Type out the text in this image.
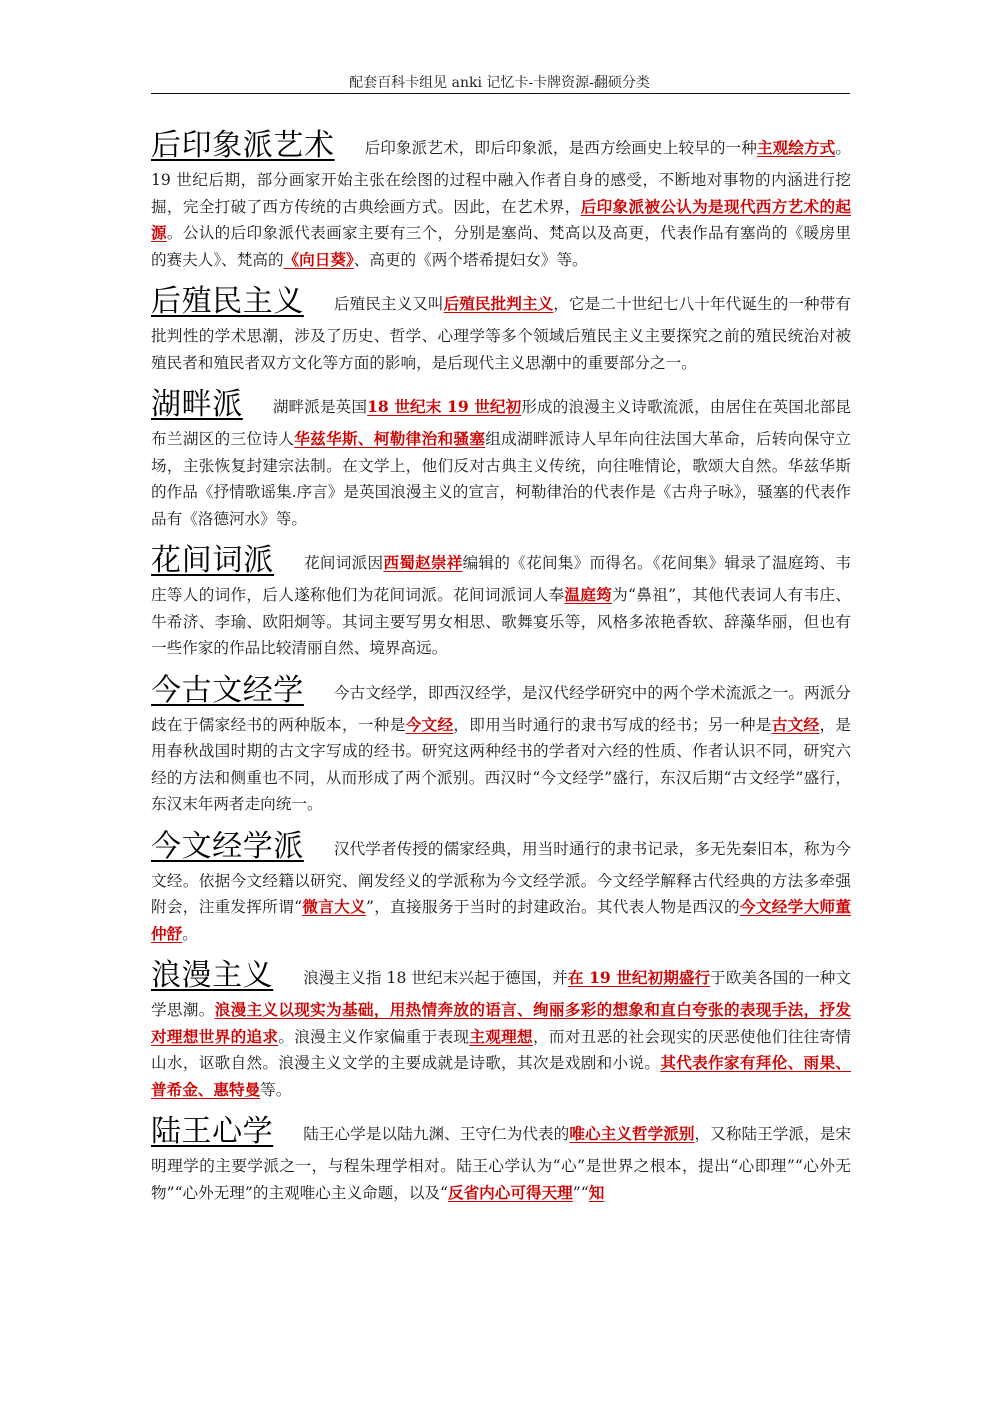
配套百科卡组见 anki 记忆卡-卡牌资源-翻硕分类

后印象派艺术 后印象派艺术，即后印象派，是西方绘画史上较早的一种主观绘方式。19 世纪后期，部分画家开始主张在绘图的过程中融入作者自身的感受，不断地对事物的内涵进行挖掘，完全打破了西方传统的古典绘画方式。因此，在艺术界，后印象派被公认为是现代西方艺术的起源。公认的后印象派代表画家主要有三个，分别是塞尚、梵高以及高更，代表作品有塞尚的《暖房里的赛夫人》、梵高的《向日葵》、高更的《两个塔希提妇女》等。

后殖民主义 后殖民主义又叫后殖民批判主义，它是二十世纪七八十年代诞生的一种带有批判性的学术思潮，涉及了历史、哲学、心理学等多个领域后殖民主义主要探究之前的殖民统治对被殖民者和殖民者双方文化等方面的影响，是后现代主义思潮中的重要部分之一。

湖畔派 湖畔派是英国18 世纪末 19 世纪初形成的浪漫主义诗歌流派，由居住在英国北部昆布兰湖区的三位诗人华兹华斯、柯勒律治和骚塞组成湖畔派诗人早年向往法国大革命，后转向保守立场，主张恢复封建宗法制。在文学上，他们反对古典主义传统，向往唯情论，歌颂大自然。华兹华斯的作品《抒情歌谣集.序言》是英国浪漫主义的宣言，柯勒律治的代表作是《古舟子咏》，骚塞的代表作品有《洛德河水》等。

花间词派 花间词派因西蜀赵崇祥编辑的《花间集》而得名。《花间集》辑录了温庭筠、韦庄等人的词作，后人遂称他们为花间词派。花间词派词人奉温庭筠为“鼻祖”，其他代表词人有韦庄、牛希济、李瑜、欧阳炯等。其词主要写男女相思、歌舞宴乐等，风格多浓艳香软、辞藻华丽，但也有一些作家的作品比较清丽自然、境界高远。

今古文经学 今古文经学，即西汉经学，是汉代经学研究中的两个学术流派之一。两派分歧在于儒家经书的两种版本，一种是今文经，即用当时通行的隶书写成的经书；另一种是古文经，是用春秋战国时期的古文字写成的经书。研究这两种经书的学者对六经的性质、作者认识不同，研究六经的方法和侧重也不同，从而形成了两个派别。西汉时“今文经学”盛行，东汉后期“古文经学”盛行，东汉末年两者走向统一。

今文经学派 汉代学者传授的儒家经典，用当时通行的隶书记录，多无先秦旧本，称为今文经。依据今文经籍以研究、阐发经义的学派称为今文经学派。今文经学解释古代经典的方法多牵强附会，注重发挥所谓“微言大义”，直接服务于当时的封建政治。其代表人物是西汉的今文经学大师董仲舒。

浪漫主义 浪漫主义指 18 世纪末兴起于德国，并在 19 世纪初期盛行于欧美各国的一种文学思潮。浪漫主义以现实为基础，用热情奔放的语言、绚丽多彩的想象和直白夸张的表现手法，抒发对理想世界的追求。浪漫主义作家偏重于表现主观理想，而对丑恶的社会现实的厌恶使他们往往寄情山水，讴歌自然。浪漫主义文学的主要成就是诗歌，其次是戏剧和小说。其代表作家有拜伦、雨果、普希金、惠特曼等。

陆王心学 陆王心学是以陆九渊、王守仁为代表的唯心主义哲学派别，又称陆王学派，是宋明理学的主要学派之一，与程朱理学相对。陆王心学认为“心”是世界之根本，提出“心即理”“心外无物”“心外无理”的主观唯心主义命题，以及“反省内心可得天理”“知
